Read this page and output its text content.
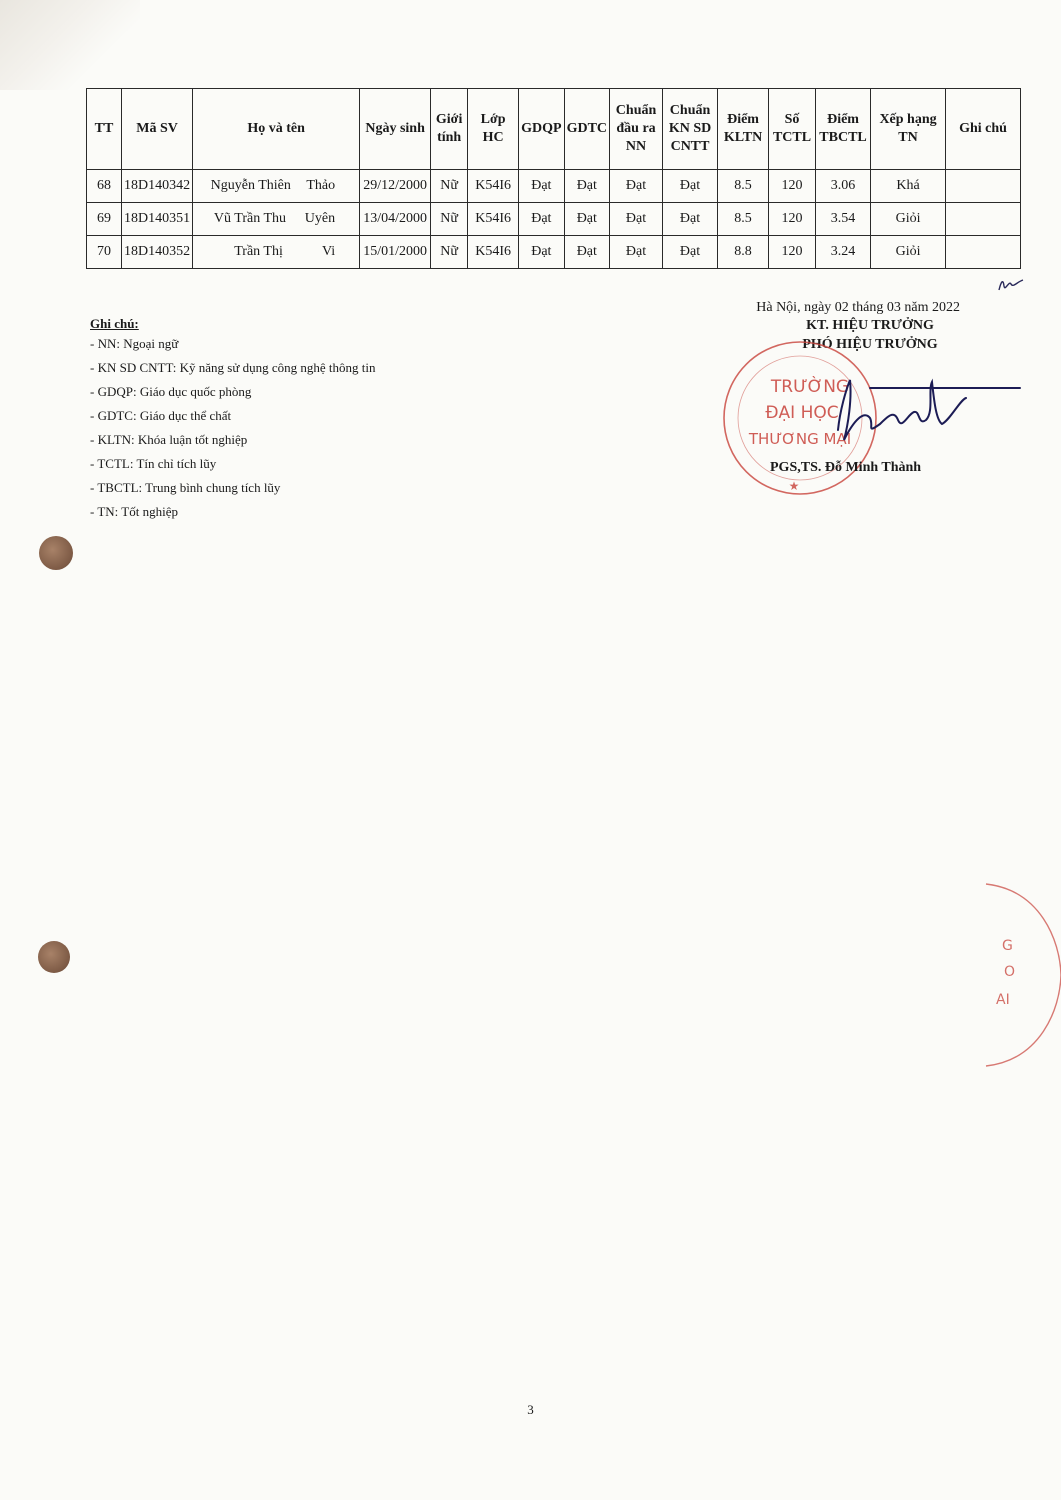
TT	Mã SV	Họ và tên	Ngày sinh	Giới tính	Lớp HC	GDQP	GDTC	Chuẩn đầu ra NN	Chuẩn KN SD CNTT	Điểm KLTN	Số TCTL	Điểm TBCTL	Xếp hạng TN	Ghi chú
68	18D140342	Nguyễn Thiên Thảo	29/12/2000	Nữ	K54I6	Đạt	Đạt	Đạt	Đạt	8.5	120	3.06	Khá	
69	18D140351	Vũ Trần Thu Uyên	13/04/2000	Nữ	K54I6	Đạt	Đạt	Đạt	Đạt	8.5	120	3.54	Giỏi	
70	18D140352	Trần Thị Vi	15/01/2000	Nữ	K54I6	Đạt	Đạt	Đạt	Đạt	8.8	120	3.24	Giỏi	
Ghi chú:
- NN: Ngoại ngữ
- KN SD CNTT: Kỹ năng sử dụng công nghệ thông tin
- GDQP: Giáo dục quốc phòng
- GDTC: Giáo dục thể chất
- KLTN: Khóa luận tốt nghiệp
- TCTL: Tín chỉ tích lũy
- TBCTL: Trung bình chung tích lũy
- TN: Tốt nghiệp
Hà Nội, ngày 02 tháng 03 năm 2022
KT. HIỆU TRƯỞNG
PHÓ HIỆU TRƯỞNG
TRƯỜNG
ĐẠI HỌC
THƯƠNG MẠI
★
PGS,TS. Đỗ Minh Thành
G
O
AI
3
